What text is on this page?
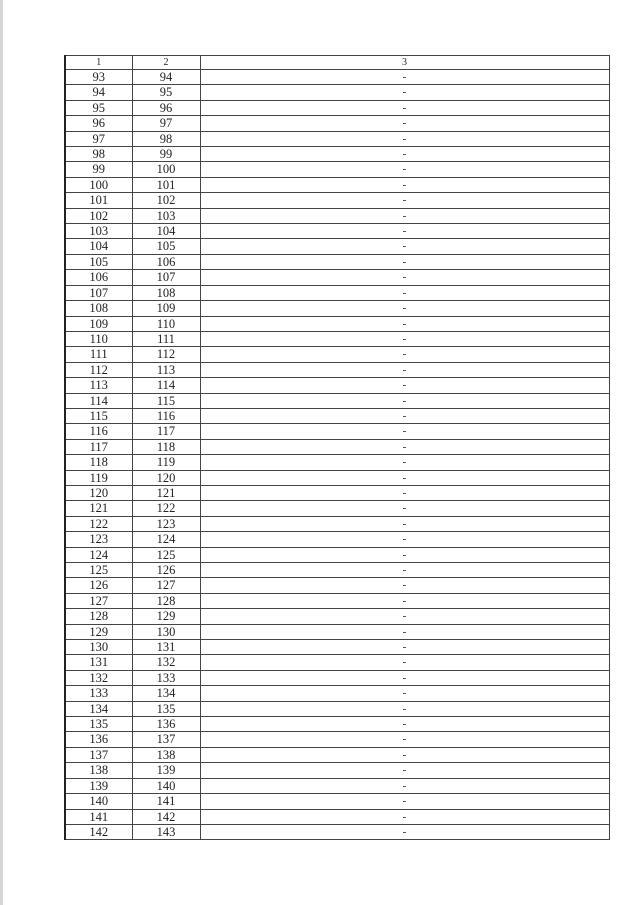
1	2	3
93	94	-
94	95	-
95	96	-
96	97	-
97	98	-
98	99	-
99	100	-
100	101	-
101	102	-
102	103	-
103	104	-
104	105	-
105	106	-
106	107	-
107	108	-
108	109	-
109	110	-
110	111	-
111	112	-
112	113	-
113	114	-
114	115	-
115	116	-
116	117	-
117	118	-
118	119	-
119	120	-
120	121	-
121	122	-
122	123	-
123	124	-
124	125	-
125	126	-
126	127	-
127	128	-
128	129	-
129	130	-
130	131	-
131	132	-
132	133	-
133	134	-
134	135	-
135	136	-
136	137	-
137	138	-
138	139	-
139	140	-
140	141	-
141	142	-
142	143	-
